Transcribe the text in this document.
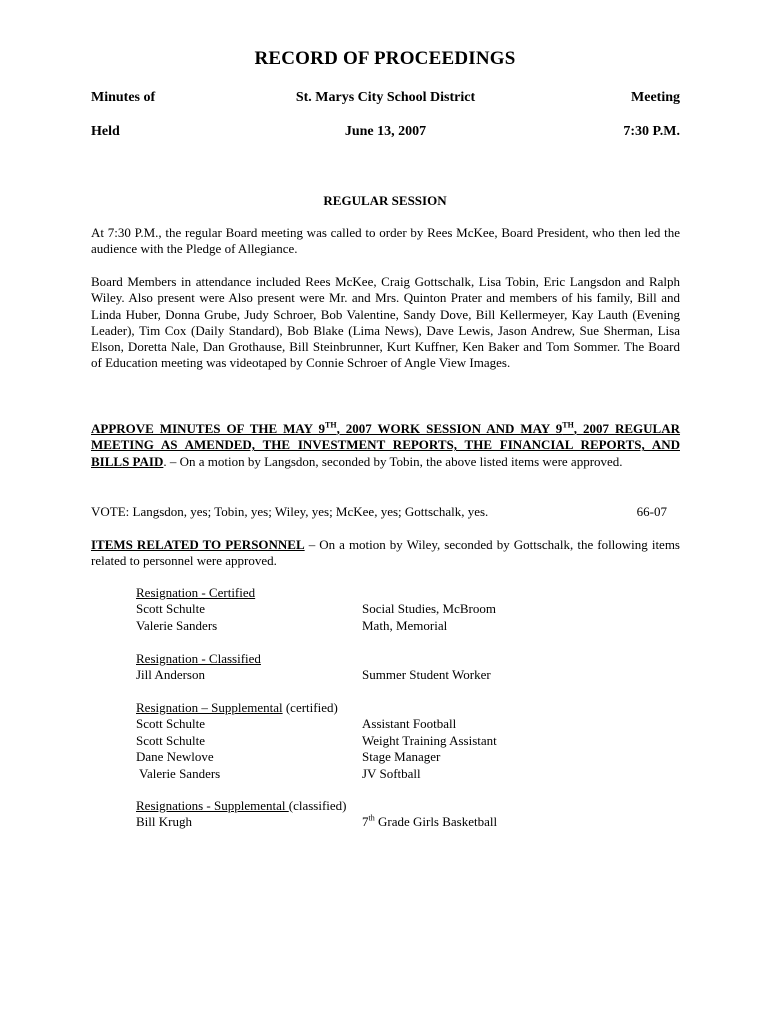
RECORD OF PROCEEDINGS
Minutes of	St. Marys City School District	Meeting
Held	June 13, 2007	7:30 P.M.
REGULAR SESSION

At 7:30 P.M., the regular Board meeting was called to order by Rees McKee, Board President, who then led the audience with the Pledge of Allegiance.

Board Members in attendance included Rees McKee, Craig Gottschalk, Lisa Tobin, Eric Langsdon and Ralph Wiley. Also present were Also present were Mr. and Mrs. Quinton Prater and members of his family, Bill and Linda Huber, Donna Grube, Judy Schroer, Bob Valentine, Sandy Dove, Bill Kellermeyer, Kay Lauth (Evening Leader), Tim Cox (Daily Standard), Bob Blake (Lima News), Dave Lewis, Jason Andrew, Sue Sherman, Lisa Elson, Doretta Nale, Dan Grothause, Bill Steinbrunner, Kurt Kuffner, Ken Baker and Tom Sommer. The Board of Education meeting was videotaped by Connie Schroer of Angle View Images.

APPROVE MINUTES OF THE MAY 9TH, 2007 WORK SESSION AND MAY 9TH, 2007 REGULAR MEETING AS AMENDED, THE INVESTMENT REPORTS, THE FINANCIAL REPORTS, AND BILLS PAID. – On a motion by Langsdon, seconded by Tobin, the above listed items were approved.

VOTE: Langsdon, yes; Tobin, yes; Wiley, yes; McKee, yes; Gottschalk, yes.	66-07

ITEMS RELATED TO PERSONNEL – On a motion by Wiley, seconded by Gottschalk, the following items related to personnel were approved.

Resignation - Certified
Scott Schulte	Social Studies, McBroom
Valerie Sanders	Math, Memorial
Resignation - Classified
Jill Anderson	Summer Student Worker
Resignation – Supplemental (certified)
Scott Schulte	Assistant Football
Scott Schulte	Weight Training Assistant
Dane Newlove	Stage Manager
Valerie Sanders	JV Softball
Resignations - Supplemental (classified)
Bill Krugh	7th Grade Girls Basketball
